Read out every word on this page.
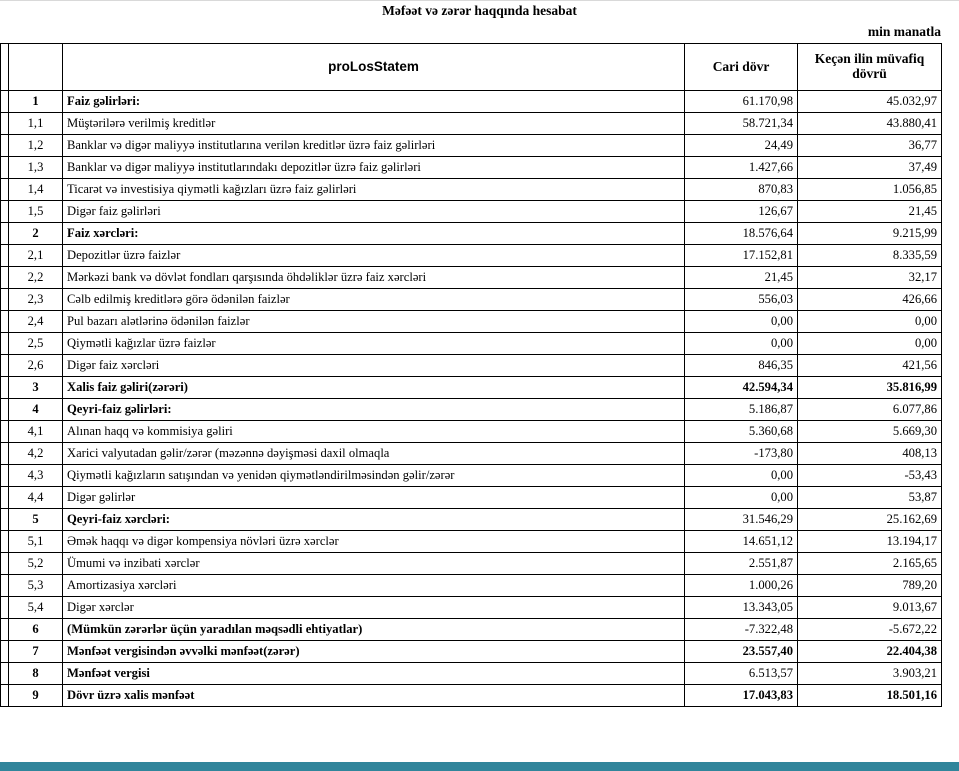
Məfəət və zərər haqqında hesabat
min manatla
		proLosStatem	Cari dövr	Keçən ilin müvafiq dövrü
	1	Faiz gəlirləri:	61.170,98	45.032,97
	1,1	Müştərilərə verilmiş kreditlər	58.721,34	43.880,41
	1,2	Banklar və digər maliyyə institutlarına verilən kreditlər üzrə faiz gəlirləri	24,49	36,77
	1,3	Banklar və digər maliyyə institutlarındakı depozitlər üzrə faiz gəlirləri	1.427,66	37,49
	1,4	Ticarət və investisiya qiymətli kağızları üzrə faiz gəlirləri	870,83	1.056,85
	1,5	Digər faiz gəlirləri	126,67	21,45
	2	Faiz xərcləri:	18.576,64	9.215,99
	2,1	Depozitlər üzrə faizlər	17.152,81	8.335,59
	2,2	Mərkəzi bank və dövlət fondları qarşısında öhdəliklər üzrə faiz xərcləri	21,45	32,17
	2,3	Cəlb edilmiş kreditlərə görə ödənilən faizlər	556,03	426,66
	2,4	Pul bazarı alətlərinə ödənilən faizlər	0,00	0,00
	2,5	Qiymətli kağızlar üzrə faizlər	0,00	0,00
	2,6	Digər faiz xərcləri	846,35	421,56
	3	Xalis faiz gəliri(zərəri)	42.594,34	35.816,99
	4	Qeyri-faiz gəlirləri:	5.186,87	6.077,86
	4,1	Alınan haqq və kommisiya gəliri	5.360,68	5.669,30
	4,2	Xarici valyutadan gəlir/zərər (məzənnə dəyişməsi daxil olmaqla	-173,80	408,13
	4,3	Qiymətli kağızların satışından və yenidən qiymətləndirilməsindən gəlir/zərər	0,00	-53,43
	4,4	Digər gəlirlər	0,00	53,87
	5	Qeyri-faiz xərcləri:	31.546,29	25.162,69
	5,1	Əmək haqqı və digər kompensiya növləri üzrə xərclər	14.651,12	13.194,17
	5,2	Ümumi və inzibati xərclər	2.551,87	2.165,65
	5,3	Amortizasiya xərcləri	1.000,26	789,20
	5,4	Digər xərclər	13.343,05	9.013,67
	6	(Mümkün zərərlər üçün yaradılan məqsədli ehtiyatlar)	-7.322,48	-5.672,22
	7	Mənfəət vergisindən əvvəlki mənfəət(zərər)	23.557,40	22.404,38
	8	Mənfəət vergisi	6.513,57	3.903,21
	9	Dövr üzrə xalis mənfəət	17.043,83	18.501,16
